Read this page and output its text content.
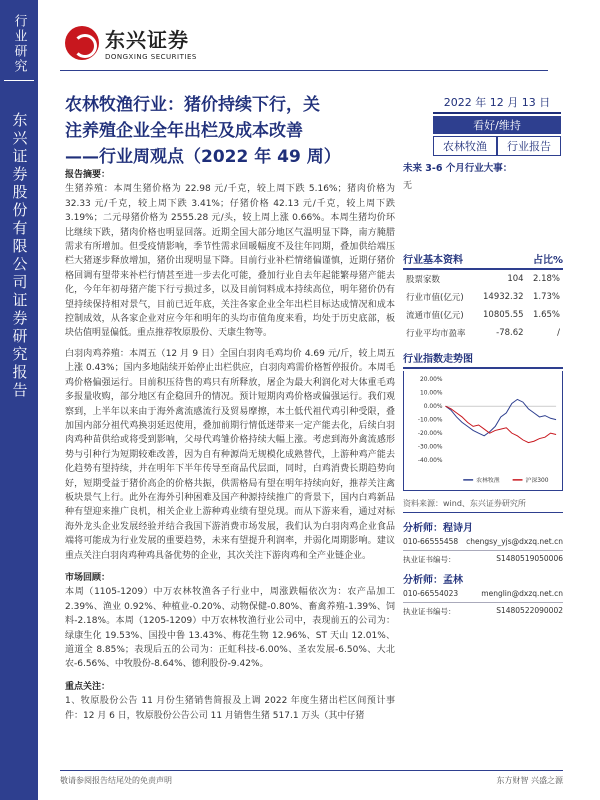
行业研究
东兴证券股份有限公司证券研究报告
东兴证券
DONGXING SECURITIES
农林牧渔行业：猪价持续下行，关
注养殖企业全年出栏及成本改善
——行业周观点（2022 年 49 周）
2022 年 12 月 13 日
看好/维持
农林牧渔	行业报告
报告摘要：

生猪养殖：本周生猪价格为 22.98 元/千克，较上周下跌 5.16%；猪肉价格为 32.33 元/千克，较上周下跌 3.41%；仔猪价格 42.13 元/千克，较上周下跌 3.19%；二元母猪价格为 2555.28 元/头，较上周上涨 0.66%。本周生猪均价环比继续下跌，猪肉价格也明显回落。近期全国大部分地区气温明显下降，南方腌腊需求有所增加。但受疫情影响，季节性需求回暖幅度不及往年同期，叠加供给端压栏大猪逐步释放增加，猪价出现明显下降。目前行业补栏情绪偏谨慎，近期仔猪价格回调有望带来补栏行情甚至进一步去化可能，叠加行业自去年起能繁母猪产能去化，今年年初母猪产能下行亏损过多，以及目前饲料成本持续高位，明年猪价仍有望持续保持相对景气，目前已近年底，关注各家企业全年出栏目标达成情况和成本控制成效，从各家企业对应今年和明年的头均市值角度来看，均处于历史底部，板块估值明显偏低。重点推荐牧原股份、天康生物等。

白羽肉鸡养殖：本周五（12 月 9 日）全国白羽肉毛鸡均价 4.69 元/斤，较上周五上涨 0.43%；国内多地陆续开始停止出栏供应，白羽肉鸡需价格暂停报价。本周毛鸡价格偏强运行。目前积压待售的鸡只有所释放，屠企为最大利润化对大体重毛鸡多报量收购，部分地区有企稳回升的情况。预计短期肉鸡价格或偏强运行。我们观察到，上半年以来由于海外禽流感流行及贸易摩擦，本土低代祖代鸡引种受限，叠加国内部分祖代鸡换羽延迟使用，叠加前期行情低迷带来一定产能去化，后续白羽肉鸡种苗供给或将受到影响，父母代鸡雏价格持续大幅上涨。考虑到海外禽流感形势与引种行为短期较难改善，因为自有种源尚无规模化成熟替代，上游种鸡产能去化趋势有望持续，并在明年下半年传导至商品代层面，同时，白鸡消费长期趋势向好，短期受益于猪价高企的价格共振，供需格局有望在明年持续向好，推荐关注禽板块景气上行。此外在海外引种困难及国产种源持续推广的背景下，国内白鸡新品种有望迎来推广良机，相关企业上游种鸡业绩有望兑现。而从下游来看，通过对标海外龙头企业发展经验并结合我国下游消费市场发展，我们认为白羽肉鸡企业食品端将可能成为行业发展的重要趋势，未来有望提升利润率，并弱化周期影响。建议重点关注白羽肉鸡种鸡具备优势的企业，其次关注下游肉鸡和全产业链企业。

市场回顾：

本周（1105-1209）中万农林牧渔各子行业中，周涨跌幅依次为：农产品加工 2.39%、渔业 0.92%、种植业-0.20%、动物保健-0.80%、畜禽养殖-1.39%、饲料-2.18%。本周（1205-1209）中万农林牧渔行业公司中，表现前五的公司为：绿康生化 19.53%、国投中鲁 13.43%、梅花生物 12.96%、ST 天山 12.01%、道道全 8.85%；表现后五的公司为：正虹科技-6.00%、圣农发展-6.50%、大北农-6.56%、中牧股份-8.64%、德利股份-9.42%。

重点关注：

1、牧原股份公告 11 月份生猪销售简报及上调 2022 年度生猪出栏区间预计事件：12 月 6 日，牧原股份公告公司 11 月销售生猪 517.1 万头（其中仔猪

未来 3-6 个月行业大事：
无
行业基本资料	占比%
股票家数	104	2.18%
行业市值(亿元)	14932.32	1.73%
流通市值(亿元)	10805.55	1.65%
行业平均市盈率	-78.62	/
行业指数走势图
20.00%
10.00%
0.00%
-10.00%
-20.00%
-30.00%
-40.00%
农林牧渔	沪深300
资料来源：wind、东兴证券研究所
分析师：程诗月
010-66555458 chengsy_yjs@dxzq.net.cn
执业证书编号：	S1480519050006
分析师：孟林
010-66554023	menglin@dxzq.net.cn
执业证书编号：	S1480522090002
敬请参阅报告结尾处的免责声明	东方财智 兴盛之源
